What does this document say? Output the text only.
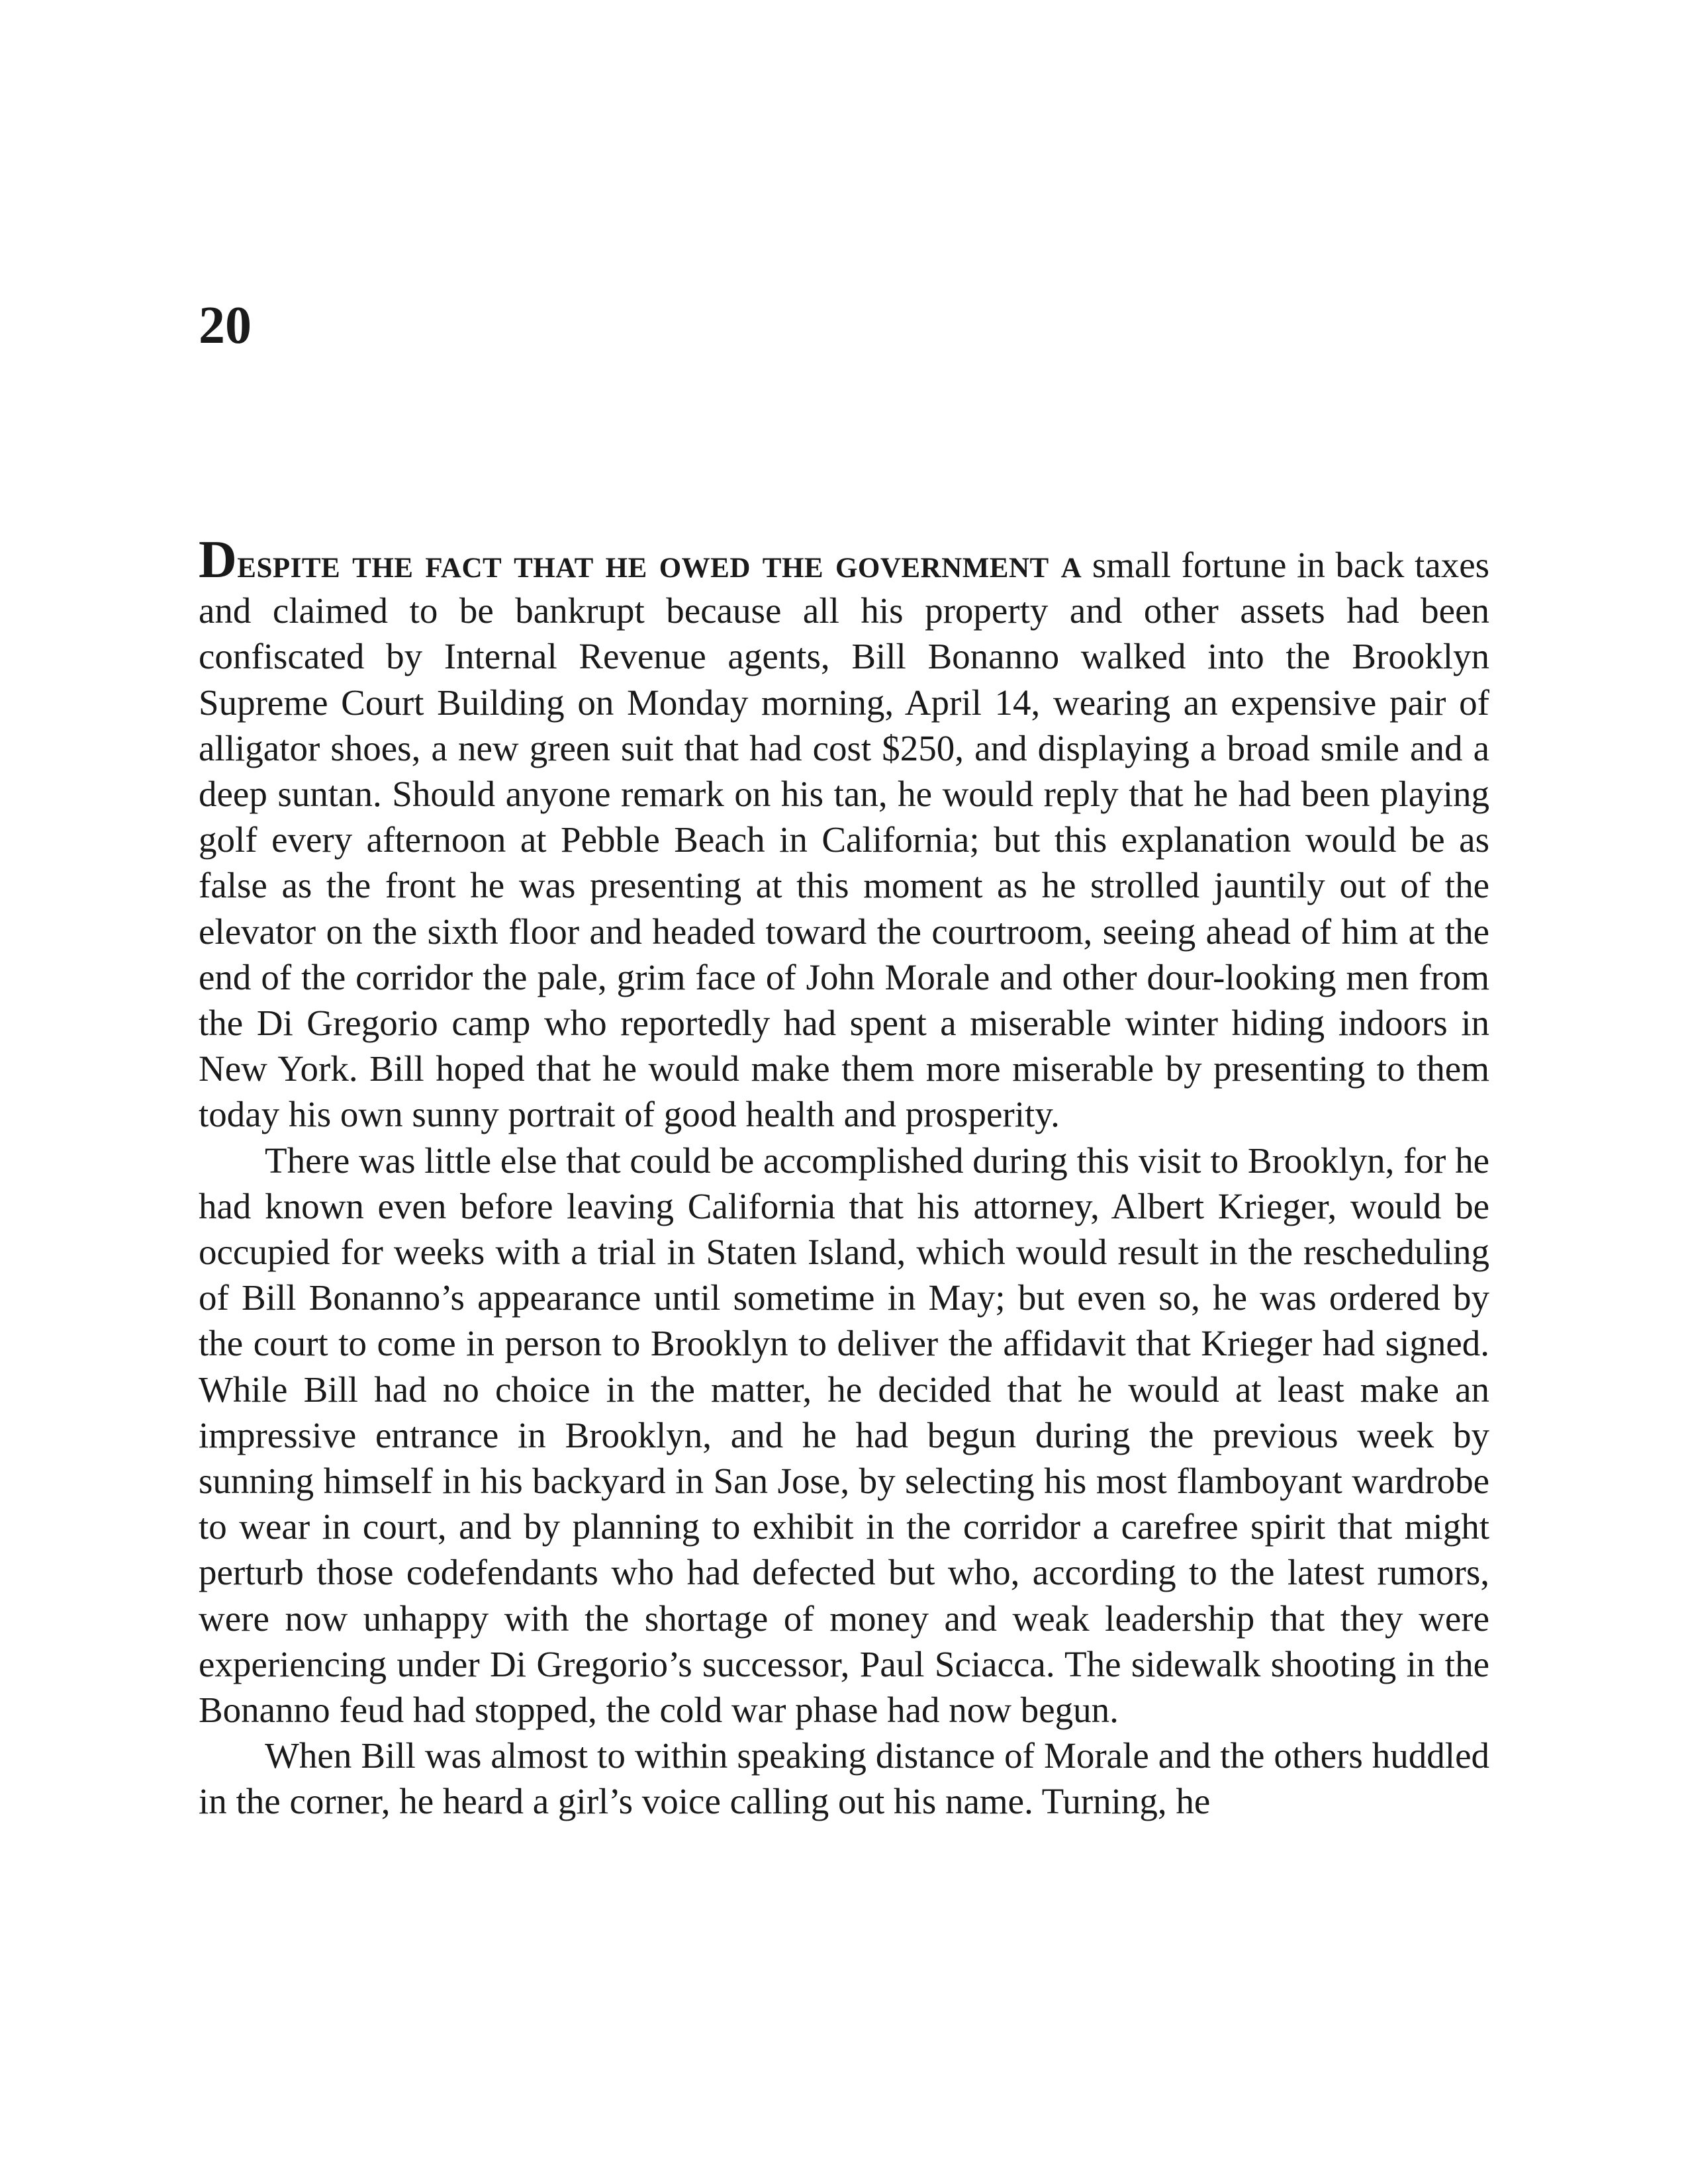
20

Despite the fact that he owed the government a small fortune in back taxes and claimed to be bankrupt because all his property and other assets had been confiscated by Internal Revenue agents, Bill Bonanno walked into the Brooklyn Supreme Court Building on Monday morning, April 14, wearing an expensive pair of alligator shoes, a new green suit that had cost $250, and displaying a broad smile and a deep suntan. Should anyone remark on his tan, he would reply that he had been playing golf every afternoon at Pebble Beach in California; but this explanation would be as false as the front he was presenting at this moment as he strolled jauntily out of the elevator on the sixth floor and headed toward the courtroom, seeing ahead of him at the end of the corridor the pale, grim face of John Morale and other dour-looking men from the Di Gregorio camp who reportedly had spent a miserable winter hiding indoors in New York. Bill hoped that he would make them more miserable by presenting to them today his own sunny portrait of good health and prosperity.

There was little else that could be accomplished during this visit to Brooklyn, for he had known even before leaving California that his attorney, Albert Krieger, would be occupied for weeks with a trial in Staten Island, which would result in the rescheduling of Bill Bonanno’s appearance until sometime in May; but even so, he was ordered by the court to come in person to Brooklyn to deliver the affidavit that Krieger had signed. While Bill had no choice in the matter, he decided that he would at least make an impressive entrance in Brooklyn, and he had begun during the previous week by sunning himself in his backyard in San Jose, by selecting his most flamboyant wardrobe to wear in court, and by planning to exhibit in the corridor a carefree spirit that might perturb those codefendants who had defected but who, according to the latest rumors, were now unhappy with the shortage of money and weak leadership that they were experiencing under Di Gregorio’s successor, Paul Sciacca. The sidewalk shooting in the Bonanno feud had stopped, the cold war phase had now begun.

When Bill was almost to within speaking distance of Morale and the others huddled in the corner, he heard a girl’s voice calling out his name. Turning, he
